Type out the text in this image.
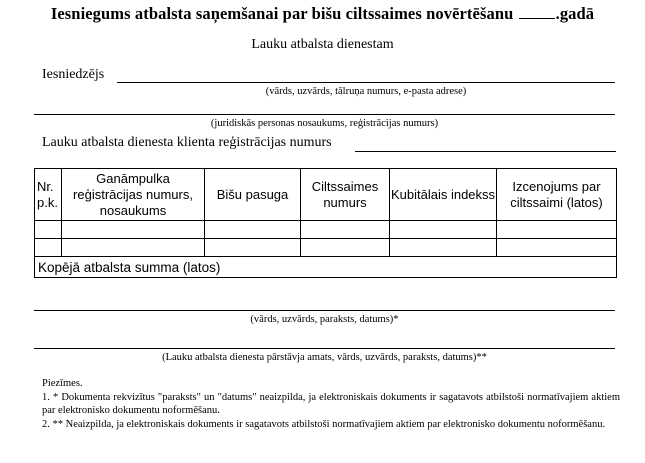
Iesniegums atbalsta saņemšanai par bišu ciltssaimes novērtēšanu	.gadā
Lauku atbalsta dienestam
Iesniedzējs
(vārds, uzvārds, tālruņa numurs, e-pasta adrese)
(juridiskās personas nosaukums, reģistrācijas numurs)
Lauku atbalsta dienesta klienta reģistrācijas numurs
Nr. p.k.	Ganāmpulka reģistrācijas numurs, nosaukums	Bišu pasuga	Ciltssaimes numurs	Kubitālais indekss	Izcenojums par ciltssaimi (latos)

Kopējā atbalsta summa (latos)					
(vārds, uzvārds, paraksts, datums)*
(Lauku atbalsta dienesta pārstāvja amats, vārds, uzvārds, paraksts, datums)**
Piezīmes.
1. * Dokumenta rekvizītus "paraksts" un "datums" neaizpilda, ja elektroniskais dokuments ir sagatavots atbilstoši normatīvajiem aktiem par elektronisko dokumentu noformēšanu.
2. ** Neaizpilda, ja elektroniskais dokuments ir sagatavots atbilstoši normatīvajiem aktiem par elektronisko dokumentu noformēšanu.
